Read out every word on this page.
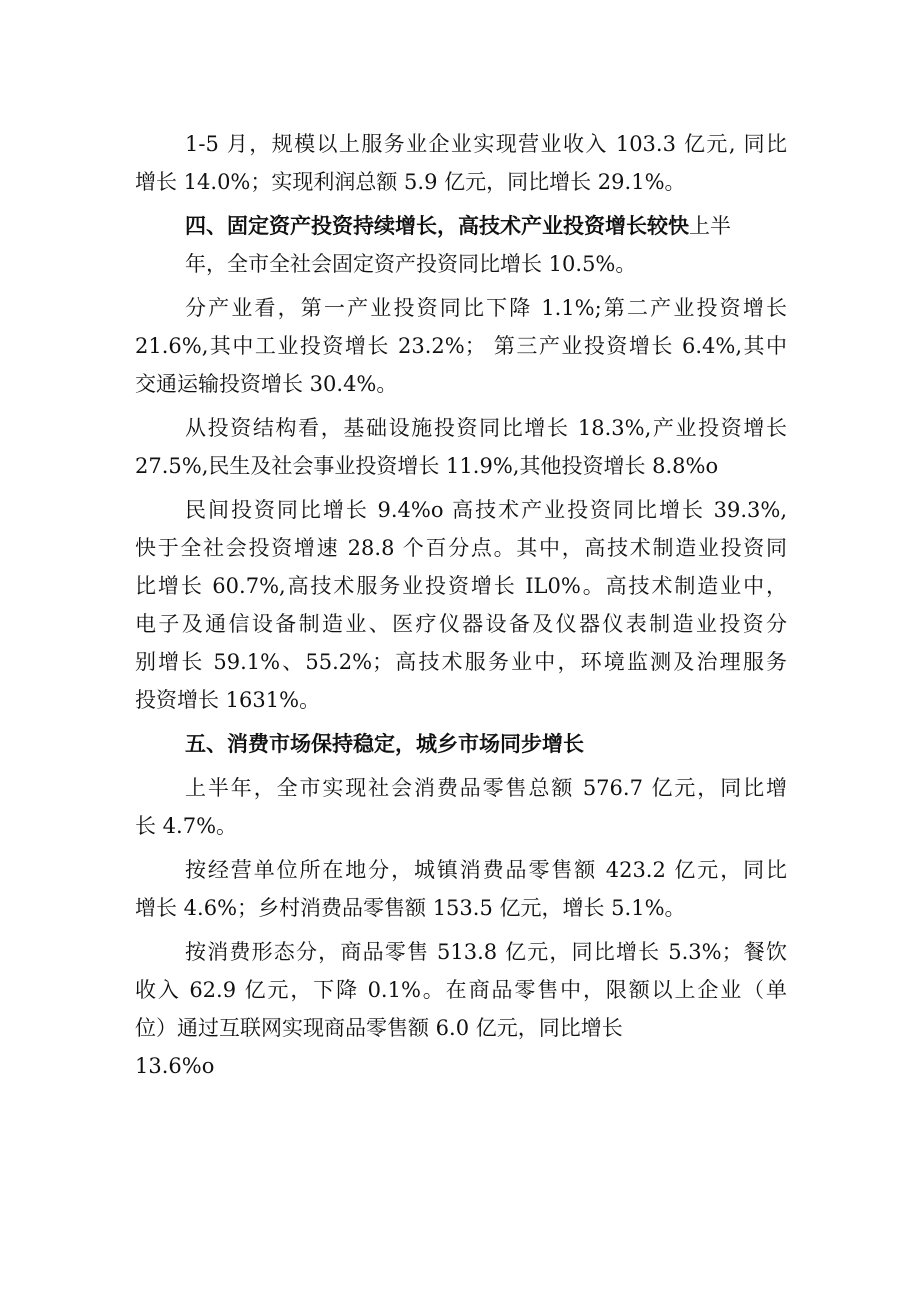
1-5 月，规模以上服务业企业实现营业收入 103.3 亿元, 同比
增长 14.0%；实现利润总额 5.9 亿元，同比增长 29.1%。
四、固定资产投资持续增长，高技术产业投资增长较快上半
年，全市全社会固定资产投资同比增长 10.5%。
分产业看，第一产业投资同比下降 1.1%;第二产业投资增长
21.6%,其中工业投资增长 23.2%； 第三产业投资增长 6.4%,其中
交通运输投资增长 30.4%。
从投资结构看，基础设施投资同比增长 18.3%,产业投资增长
27.5%,民生及社会事业投资增长 11.9%,其他投资增长 8.8%o
民间投资同比增长 9.4%o 高技术产业投资同比增长 39.3%,
快于全社会投资增速 28.8 个百分点。其中，高技术制造业投资同
比增长 60.7%,高技术服务业投资增长 IL0%。高技术制造业中，
电子及通信设备制造业、医疗仪器设备及仪器仪表制造业投资分
别增长 59.1%、55.2%；高技术服务业中，环境监测及治理服务
投资增长 1631%。
五、消费市场保持稳定，城乡市场同步增长
上半年，全市实现社会消费品零售总额 576.7 亿元，同比增
长 4.7%。
按经营单位所在地分，城镇消费品零售额 423.2 亿元，同比
增长 4.6%；乡村消费品零售额 153.5 亿元，增长 5.1%。
按消费形态分，商品零售 513.8 亿元，同比增长 5.3%；餐饮
收入 62.9 亿元，下降 0.1%。在商品零售中，限额以上企业（单
位）通过互联网实现商品零售额 6.0 亿元，同比增长
13.6%o
